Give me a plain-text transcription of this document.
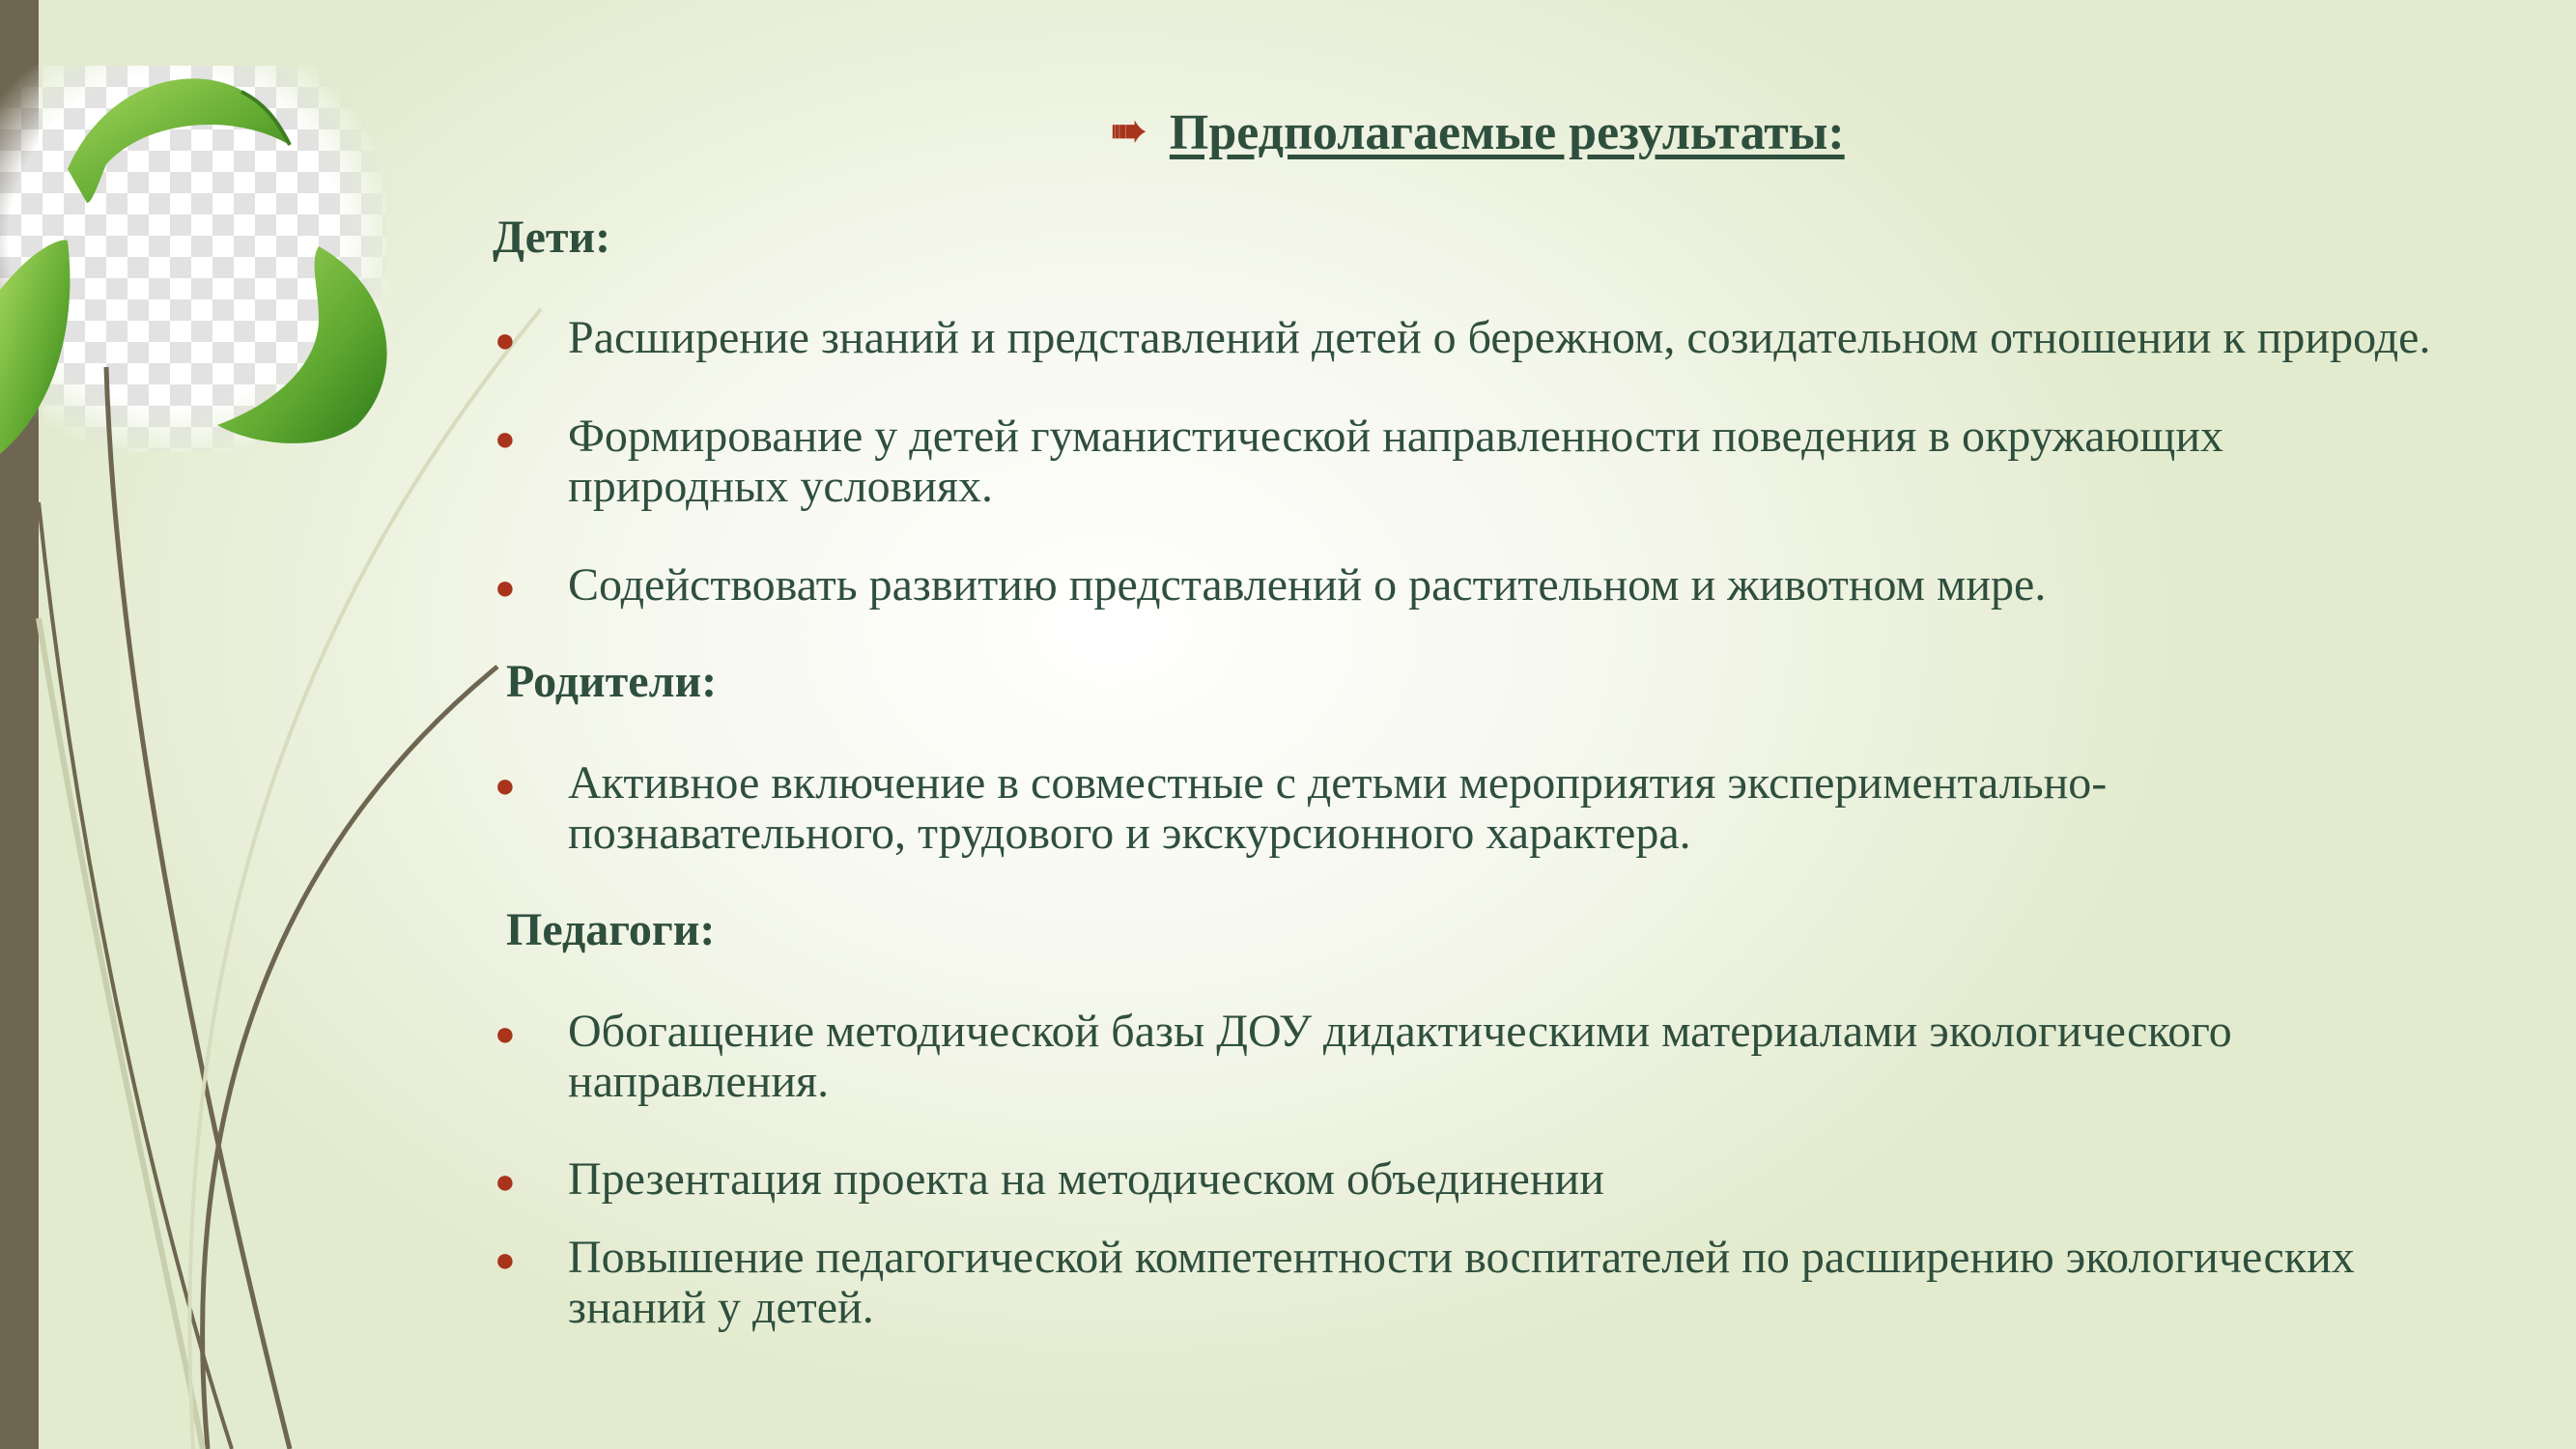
➠ Предполагаемые результаты:
Дети:
● Расширение знаний и представлений детей о бережном, созидательном отношении к природе.
● Формирование у детей гуманистической направленности поведения в окружающих
природных условиях.
● Содействовать развитию представлений о растительном и животном мире.
Родители:
● Активное включение в совместные с детьми мероприятия экспериментально-
познавательного, трудового и экскурсионного характера.
Педагоги:
● Обогащение методической базы ДОУ дидактическими материалами экологического
направления.
● Презентация проекта на методическом объединении
● Повышение педагогической компетентности воспитателей по расширению экологических
знаний у детей.
